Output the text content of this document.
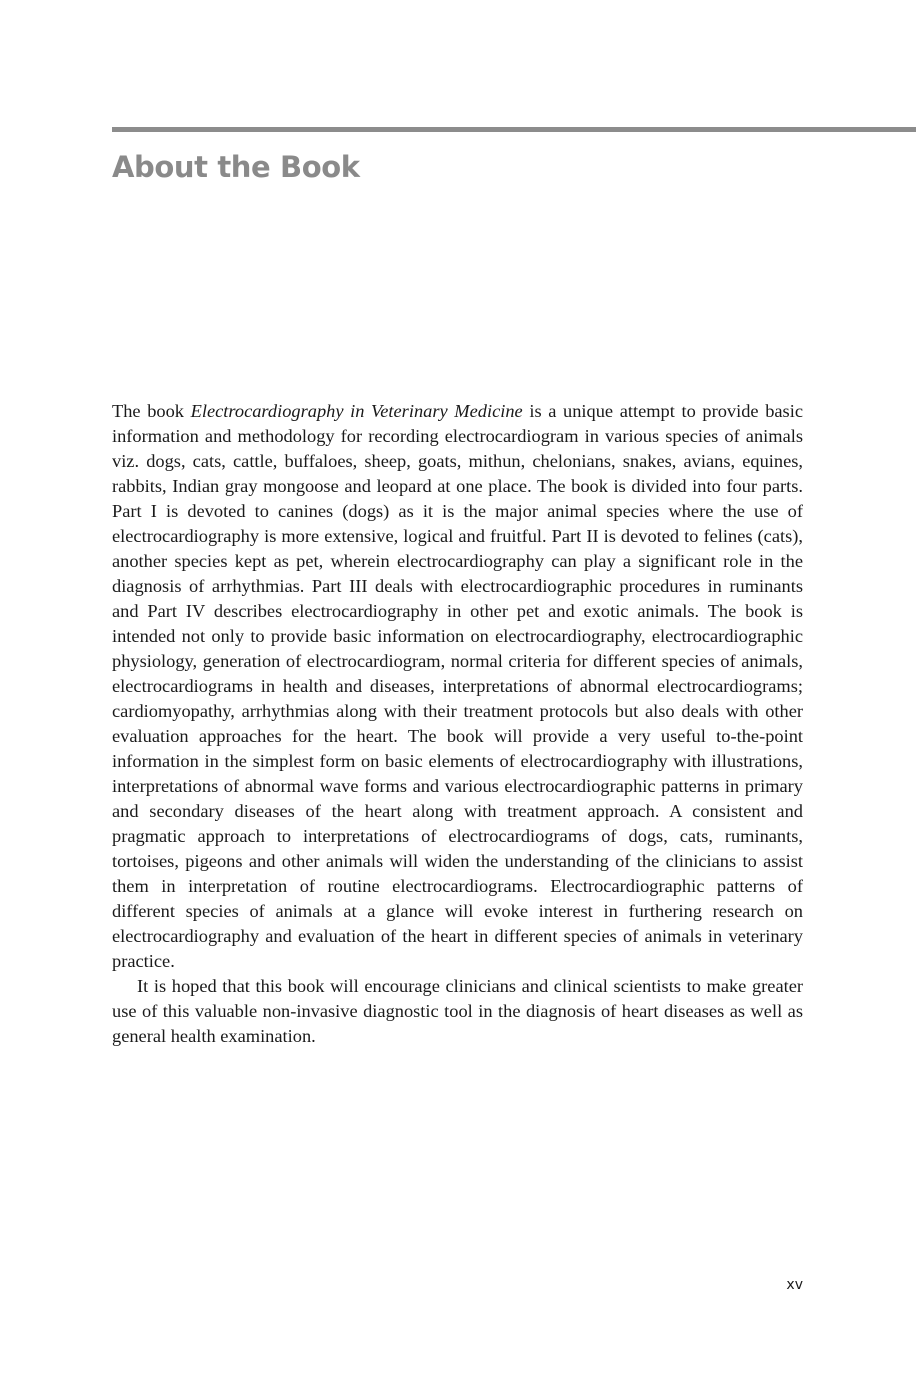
About the Book

The book Electrocardiography in Veterinary Medicine is a unique attempt to provide basic information and methodology for recording electrocardiogram in various species of animals viz. dogs, cats, cattle, buffaloes, sheep, goats, mithun, chelonians, snakes, avians, equines, rabbits, Indian gray mongoose and leopard at one place. The book is divided into four parts. Part I is devoted to canines (dogs) as it is the major animal species where the use of electrocardiography is more extensive, logical and fruitful. Part II is devoted to felines (cats), another species kept as pet, wherein electrocardiography can play a significant role in the diagnosis of arrhythmias. Part III deals with electrocardiographic procedures in ruminants and Part IV describes electrocardiography in other pet and exotic animals. The book is intended not only to provide basic information on electrocardiography, electrocardiographic physiology, generation of electrocardiogram, normal criteria for different species of animals, electrocardiograms in health and diseases, interpretations of abnormal electrocardiograms; cardiomyopathy, arrhythmias along with their treatment protocols but also deals with other evaluation approaches for the heart. The book will provide a very useful to-the-point information in the simplest form on basic elements of electrocardiography with illustrations, interpretations of abnormal wave forms and various electrocardiographic patterns in primary and secondary diseases of the heart along with treatment approach. A consistent and pragmatic approach to interpretations of electrocardiograms of dogs, cats, ruminants, tortoises, pigeons and other animals will widen the understanding of the clinicians to assist them in interpretation of routine electrocardiograms. Electrocardiographic patterns of different species of animals at a glance will evoke interest in furthering research on electrocardiography and evaluation of the heart in different species of animals in veterinary practice.

It is hoped that this book will encourage clinicians and clinical scientists to make greater use of this valuable non-invasive diagnostic tool in the diagnosis of heart diseases as well as general health examination.

xv
